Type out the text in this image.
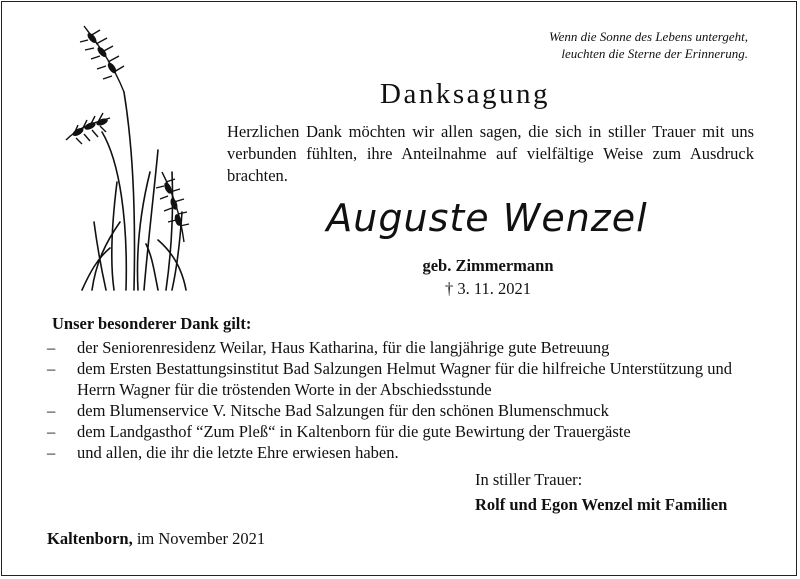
Wenn die Sonne des Lebens untergeht,
leuchten die Sterne der Erinnerung.
Danksagung
Herzlichen Dank möchten wir allen sagen, die sich in stiller Trauer mit uns verbunden fühlten, ihre Anteilnahme auf vielfältige Weise zum Ausdruck brachten.
Auguste Wenzel
geb. Zimmermann
† 3. 11. 2021
Unser besonderer Dank gilt:
–	der Seniorenresidenz Weilar, Haus Katharina, für die langjährige gute Betreuung
–	dem Ersten Bestattungsinstitut Bad Salzungen Helmut Wagner für die hilfreiche Unterstützung und Herrn Wagner für die tröstenden Worte in der Abschiedsstunde
–	dem Blumenservice V. Nitsche Bad Salzungen für den schönen Blumenschmuck
–	dem Landgasthof “Zum Pleß“ in Kaltenborn für die gute Bewirtung der Trauergäste
–	und allen, die ihr die letzte Ehre erwiesen haben.
In stiller Trauer:
Rolf und Egon Wenzel mit Familien
Kaltenborn, im November 2021
